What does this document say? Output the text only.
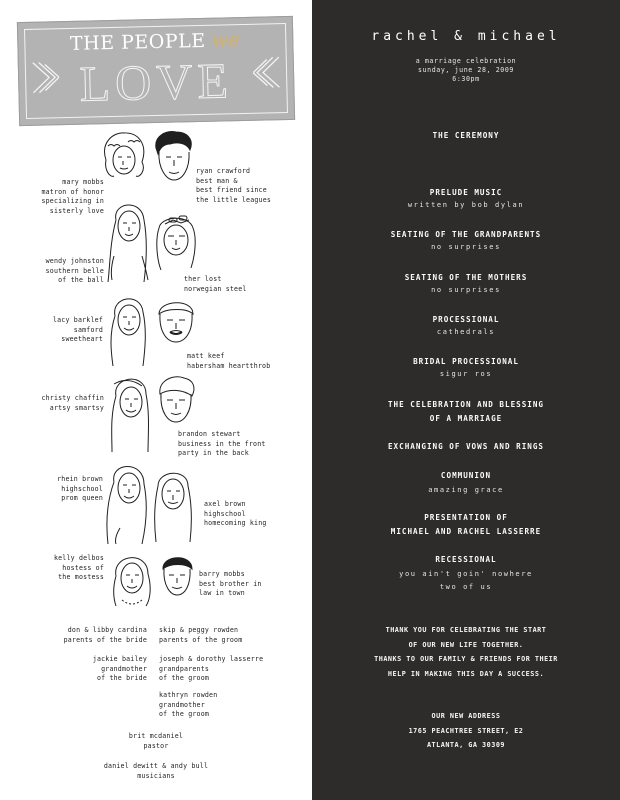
THE PEOPLE we
LOVE
mary mobbs
matron of honor
specializing in
sisterly love
ryan crawford
best man &
best friend since
the little leagues
wendy johnston
southern belle
of the ball	ther lost
norwegian steel
lacy barklef
samford
sweetheart
matt keef
habersham heartthrob
christy chaffin
artsy smartsy
brandon stewart
business in the front
party in the back
rhein brown
highschool
prom queen
axel brown
highschool
homecoming king
kelly delbos
hostess of
the mostess	barry mobbs
best brother in
law in town
don & libby cardina
parents of the bride
skip & peggy rowden
parents of the groom
jackie bailey
grandmother
of the bride
joseph & dorothy lasserre
grandparents
of the groom
kathryn rowden
grandmother
of the groom
brit mcdaniel
pastor
daniel dewitt & andy bull
musicians
rachel & michael
a marriage celebration
sunday, june 28, 2009
6:30pm
THE CEREMONY
PRELUDE MUSIC
written by bob dylan
SEATING OF THE GRANDPARENTS
no surprises
SEATING OF THE MOTHERS
no surprises
PROCESSIONAL
cathedrals
BRIDAL PROCESSIONAL
sigur ros
THE CELEBRATION AND BLESSING
OF A MARRIAGE
EXCHANGING OF VOWS AND RINGS
COMMUNION
amazing grace
PRESENTATION OF
MICHAEL AND RACHEL LASSERRE
RECESSIONAL
you ain't goin' nowhere
two of us
THANK YOU FOR CELEBRATING THE START
OF OUR NEW LIFE TOGETHER.
THANKS TO OUR FAMILY & FRIENDS FOR THEIR
HELP IN MAKING THIS DAY A SUCCESS.
OUR NEW ADDRESS
1765 PEACHTREE STREET, E2
ATLANTA, GA 30309
